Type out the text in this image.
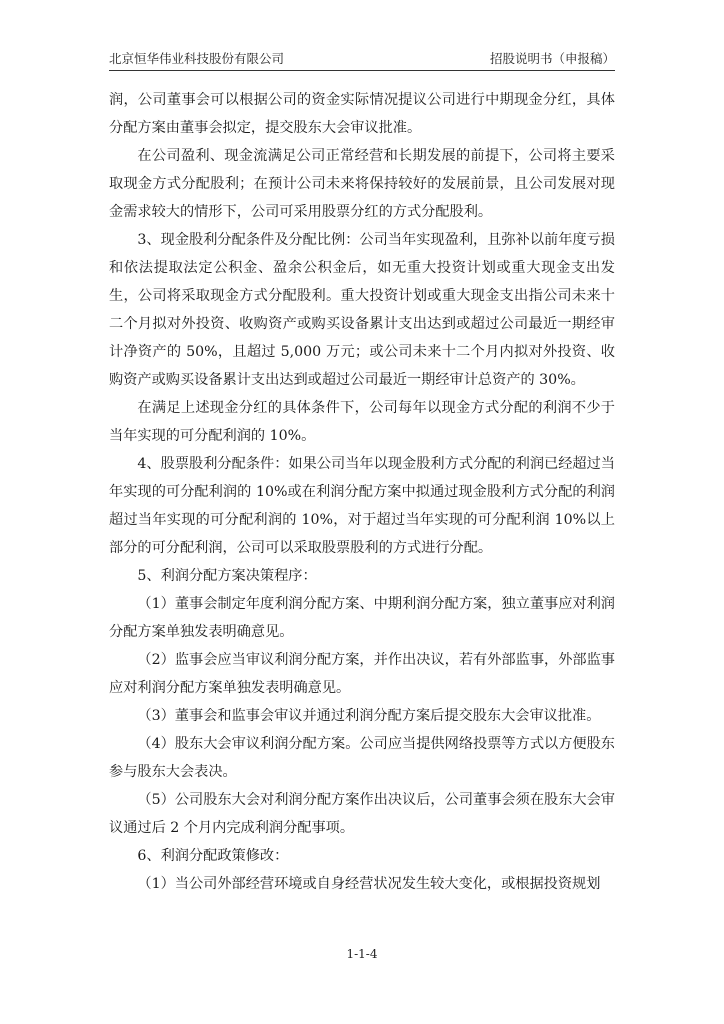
北京恒华伟业科技股份有限公司	招股说明书（申报稿）

润，公司董事会可以根据公司的资金实际情况提议公司进行中期现金分红，具体分配方案由董事会拟定，提交股东大会审议批准。

在公司盈利、现金流满足公司正常经营和长期发展的前提下，公司将主要采取现金方式分配股利；在预计公司未来将保持较好的发展前景，且公司发展对现金需求较大的情形下，公司可采用股票分红的方式分配股利。

3、现金股利分配条件及分配比例：公司当年实现盈利，且弥补以前年度亏损和依法提取法定公积金、盈余公积金后，如无重大投资计划或重大现金支出发生，公司将采取现金方式分配股利。重大投资计划或重大现金支出指公司未来十二个月拟对外投资、收购资产或购买设备累计支出达到或超过公司最近一期经审计净资产的 50%，且超过 5,000 万元；或公司未来十二个月内拟对外投资、收购资产或购买设备累计支出达到或超过公司最近一期经审计总资产的 30%。

在满足上述现金分红的具体条件下，公司每年以现金方式分配的利润不少于当年实现的可分配利润的 10%。

4、股票股利分配条件：如果公司当年以现金股利方式分配的利润已经超过当年实现的可分配利润的 10%或在利润分配方案中拟通过现金股利方式分配的利润超过当年实现的可分配利润的 10%，对于超过当年实现的可分配利润 10%以上部分的可分配利润，公司可以采取股票股利的方式进行分配。

5、利润分配方案决策程序：

（1）董事会制定年度利润分配方案、中期利润分配方案，独立董事应对利润分配方案单独发表明确意见。

（2）监事会应当审议利润分配方案，并作出决议，若有外部监事，外部监事应对利润分配方案单独发表明确意见。

（3）董事会和监事会审议并通过利润分配方案后提交股东大会审议批准。

（4）股东大会审议利润分配方案。公司应当提供网络投票等方式以方便股东参与股东大会表决。

（5）公司股东大会对利润分配方案作出决议后，公司董事会须在股东大会审议通过后 2 个月内完成利润分配事项。

6、利润分配政策修改：

（1）当公司外部经营环境或自身经营状况发生较大变化，或根据投资规划

1-1-4
